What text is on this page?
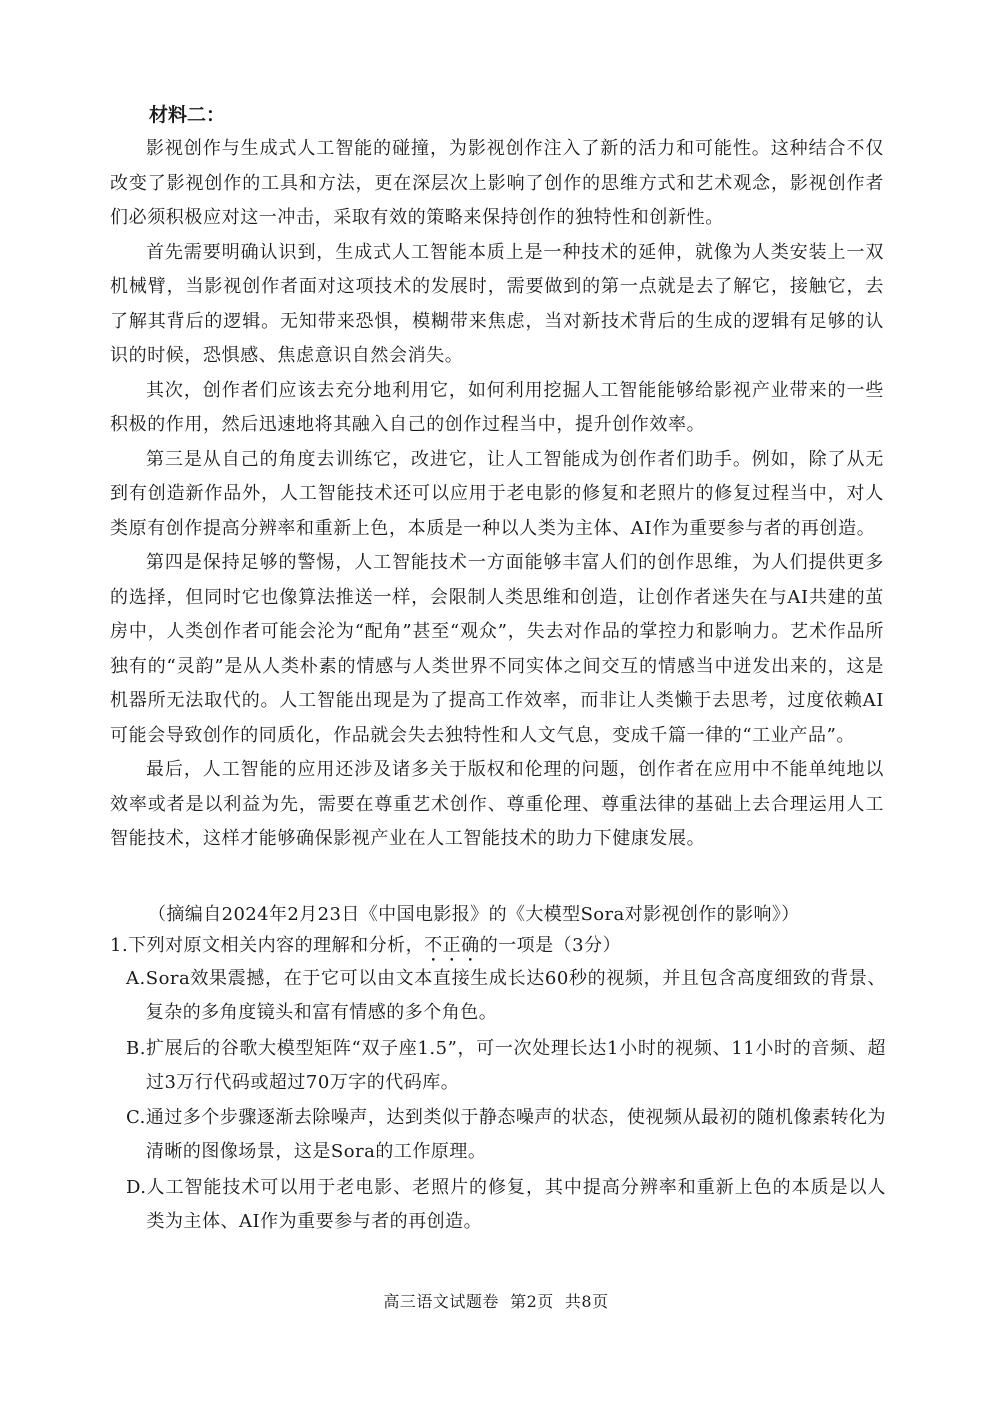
材料二：

影视创作与生成式人工智能的碰撞，为影视创作注入了新的活力和可能性。这种结合不仅改变了影视创作的工具和方法，更在深层次上影响了创作的思维方式和艺术观念，影视创作者们必须积极应对这一冲击，采取有效的策略来保持创作的独特性和创新性。

首先需要明确认识到，生成式人工智能本质上是一种技术的延伸，就像为人类安装上一双机械臂，当影视创作者面对这项技术的发展时，需要做到的第一点就是去了解它，接触它，去了解其背后的逻辑。无知带来恐惧，模糊带来焦虑，当对新技术背后的生成的逻辑有足够的认识的时候，恐惧感、焦虑意识自然会消失。

其次，创作者们应该去充分地利用它，如何利用挖掘人工智能能够给影视产业带来的一些积极的作用，然后迅速地将其融入自己的创作过程当中，提升创作效率。

第三是从自己的角度去训练它，改进它，让人工智能成为创作者们助手。例如，除了从无到有创造新作品外，人工智能技术还可以应用于老电影的修复和老照片的修复过程当中，对人类原有创作提高分辨率和重新上色，本质是一种以人类为主体、AI作为重要参与者的再创造。

第四是保持足够的警惕，人工智能技术一方面能够丰富人们的创作思维，为人们提供更多的选择，但同时它也像算法推送一样，会限制人类思维和创造，让创作者迷失在与AI共建的茧房中，人类创作者可能会沦为“配角”甚至“观众”，失去对作品的掌控力和影响力。艺术作品所独有的“灵韵”是从人类朴素的情感与人类世界不同实体之间交互的情感当中迸发出来的，这是机器所无法取代的。人工智能出现是为了提高工作效率，而非让人类懒于去思考，过度依赖AI可能会导致创作的同质化，作品就会失去独特性和人文气息，变成千篇一律的“工业产品”。

最后，人工智能的应用还涉及诸多关于版权和伦理的问题，创作者在应用中不能单纯地以效率或者是以利益为先，需要在尊重艺术创作、尊重伦理、尊重法律的基础上去合理运用人工智能技术，这样才能够确保影视产业在人工智能技术的助力下健康发展。

（摘编自2024年2月23日《中国电影报》的《大模型Sora对影视创作的影响》）
1.下列对原文相关内容的理解和分析，不正确的一项是（3分）
A. Sora效果震撼，在于它可以由文本直接生成长达60秒的视频，并且包含高度细致的背景、复杂的多角度镜头和富有情感的多个角色。
B. 扩展后的谷歌大模型矩阵“双子座1.5”，可一次处理长达1小时的视频、11小时的音频、超过3万行代码或超过70万字的代码库。
C. 通过多个步骤逐渐去除噪声，达到类似于静态噪声的状态，使视频从最初的随机像素转化为清晰的图像场景，这是Sora的工作原理。
D. 人工智能技术可以用于老电影、老照片的修复，其中提高分辨率和重新上色的本质是以人类为主体、AI作为重要参与者的再创造。
高三语文试题卷  第2页  共8页
